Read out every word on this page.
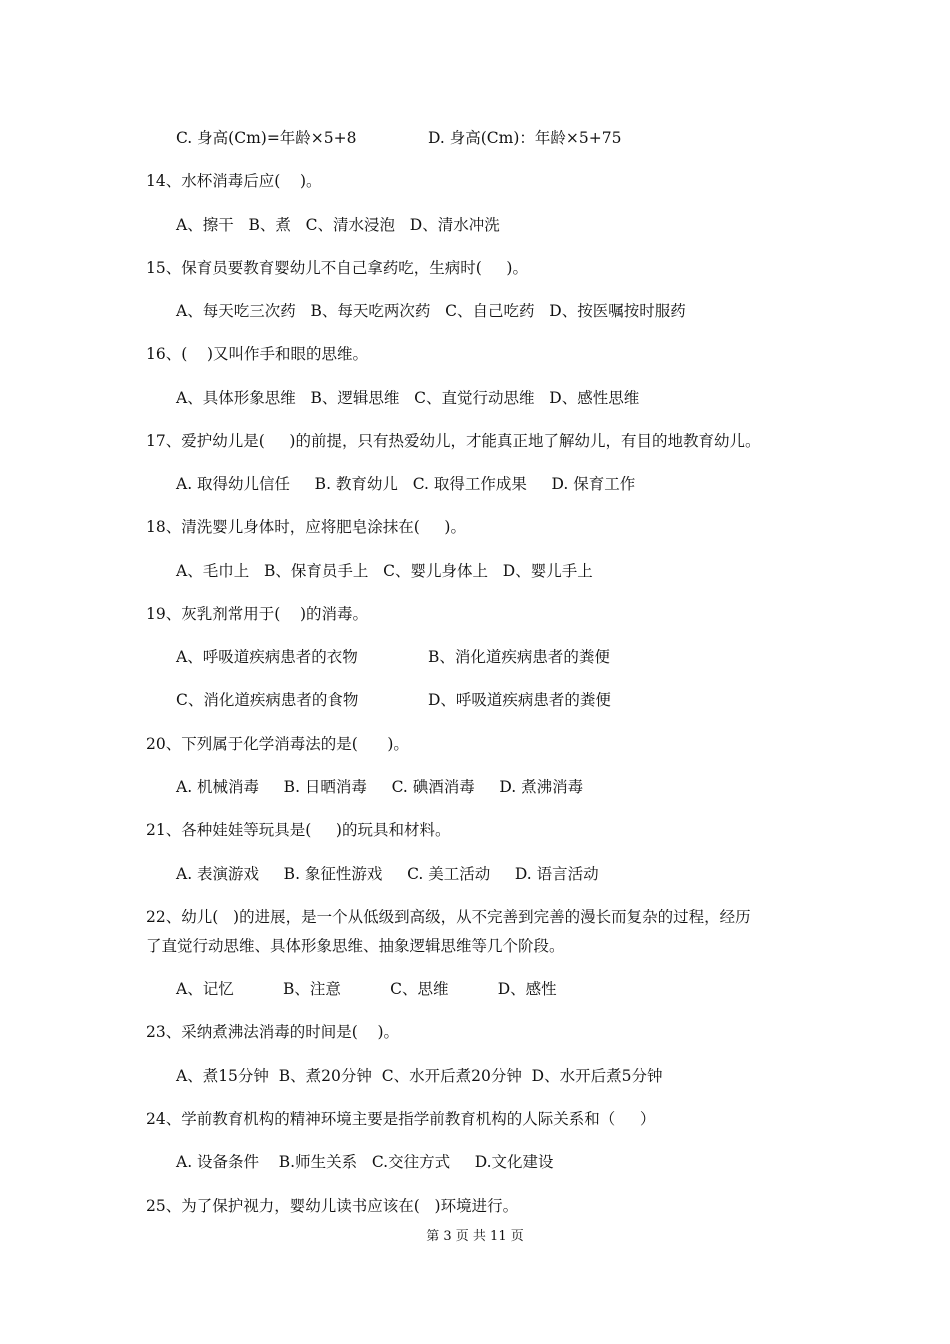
C. 身高(Cm)=年龄×5+8	D. 身高(Cm)：年龄×5+75
14、水杯消毒后应(    )。
A、擦干   B、煮   C、清水浸泡   D、清水冲洗
15、保育员要教育婴幼儿不自己拿药吃，生病时(     )。
A、每天吃三次药   B、每天吃两次药   C、自己吃药   D、按医嘱按时服药
16、(    )又叫作手和眼的思维。
A、具体形象思维   B、逻辑思维   C、直觉行动思维   D、感性思维
17、爱护幼儿是(     )的前提，只有热爱幼儿，才能真正地了解幼儿，有目的地教育幼儿。
A. 取得幼儿信任     B. 教育幼儿   C. 取得工作成果     D. 保育工作
18、清洗婴儿身体时，应将肥皂涂抹在(     )。
A、毛巾上   B、保育员手上   C、婴儿身体上   D、婴儿手上
19、灰乳剂常用于(    )的消毒。
A、呼吸道疾病患者的衣物	B、消化道疾病患者的粪便
C、消化道疾病患者的食物	D、呼吸道疾病患者的粪便
20、下列属于化学消毒法的是(      )。
A. 机械消毒     B. 日晒消毒     C. 碘酒消毒     D. 煮沸消毒
21、各种娃娃等玩具是(     )的玩具和材料。
A. 表演游戏     B. 象征性游戏     C. 美工活动     D. 语言活动
22、幼儿(   )的进展，是一个从低级到高级，从不完善到完善的漫长而复杂的过程，经历
了直觉行动思维、具体形象思维、抽象逻辑思维等几个阶段。
A、记忆          B、注意          C、思维          D、感性
23、采纳煮沸法消毒的时间是(    )。
A、煮15分钟  B、煮20分钟  C、水开后煮20分钟  D、水开后煮5分钟
24、学前教育机构的精神环境主要是指学前教育机构的人际关系和（     ）
A. 设备条件    B.师生关系   C.交往方式     D.文化建设
25、为了保护视力，婴幼儿读书应该在(   )环境进行。
第 3 页 共 11 页
